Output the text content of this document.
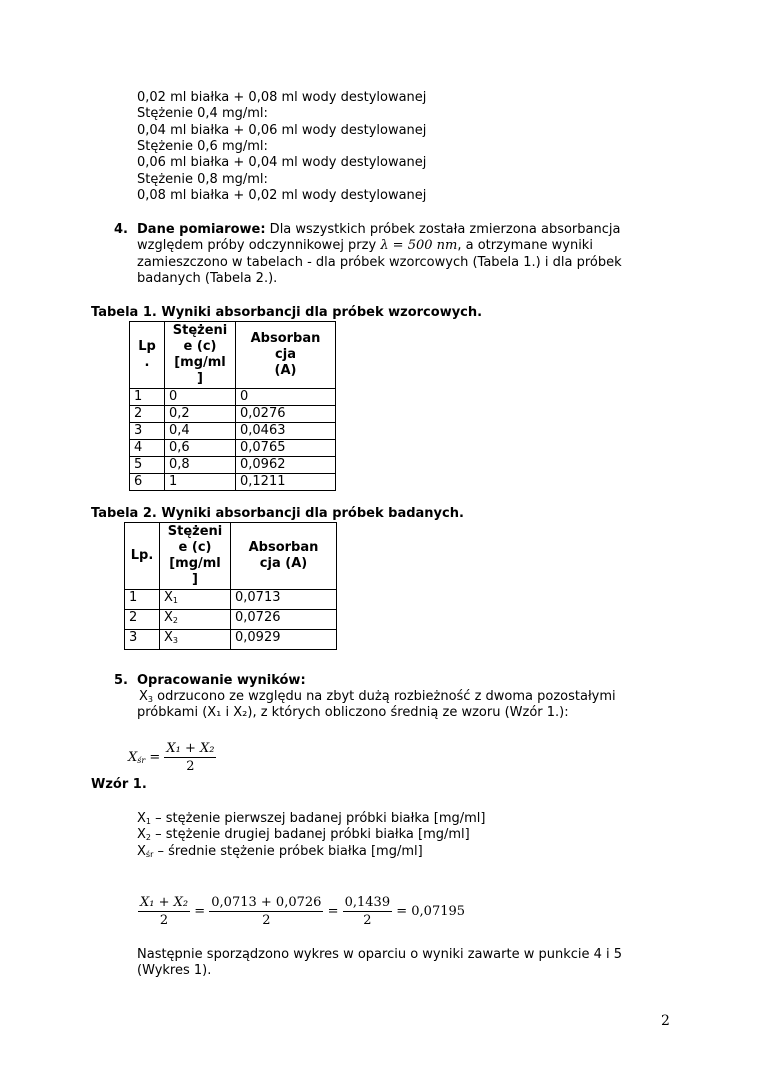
0,02 ml białka + 0,08 ml wody destylowanej
Stężenie 0,4 mg/ml:
0,04 ml białka + 0,06 ml wody destylowanej
Stężenie 0,6 mg/ml:
0,06 ml białka + 0,04 ml wody destylowanej
Stężenie 0,8 mg/ml:
0,08 ml białka + 0,02 ml wody destylowanej
4. Dane pomiarowe: Dla wszystkich próbek została zmierzona absorbancja
względem próby odczynnikowej przy λ = 500 nm, a otrzymane wyniki
zamieszczono w tabelach - dla próbek wzorcowych (Tabela 1.) i dla próbek
badanych (Tabela 2.).
Tabela 1. Wyniki absorbancji dla próbek wzorcowych.
Lp
.	Stężeni
e (c)
[mg/ml
]	Absorban
cja
(A)
1	0	0
2	0,2	0,0276
3	0,4	0,0463
4	0,6	0,0765
5	0,8	0,0962
6	1	0,1211
Tabela 2. Wyniki absorbancji dla próbek badanych.
Lp.	Stężeni
e (c)
[mg/ml
]	Absorban
cja (A)
1	$X_1$	0,0713
2	$X_2$	0,0726
3	$X_3$	0,0929
5. Opracowanie wyników:
$X_3$ odrzucono ze względu na zbyt dużą rozbieżność z dwoma pozostałymi
próbkami (X₁ i X₂), z których obliczono średnią ze wzoru (Wzór 1.):
$X_{śr} = \frac{\text{X₁ + X₂}}{2}$
Wzór 1.
$X_1$ – stężenie pierwszej badanej próbki białka [mg/ml]
$X_2$ – stężenie drugiej badanej próbki białka [mg/ml]
$X_{śr}$ – średnie stężenie próbek białka [mg/ml]
$\frac{\text{X₁ + X₂}}{2} = \frac{0,0713 + 0,0726}{2} = \frac{0,1439}{2} = 0,07195$
Następnie sporządzono wykres w oparciu o wyniki zawarte w punkcie 4 i 5
(Wykres 1).
2
